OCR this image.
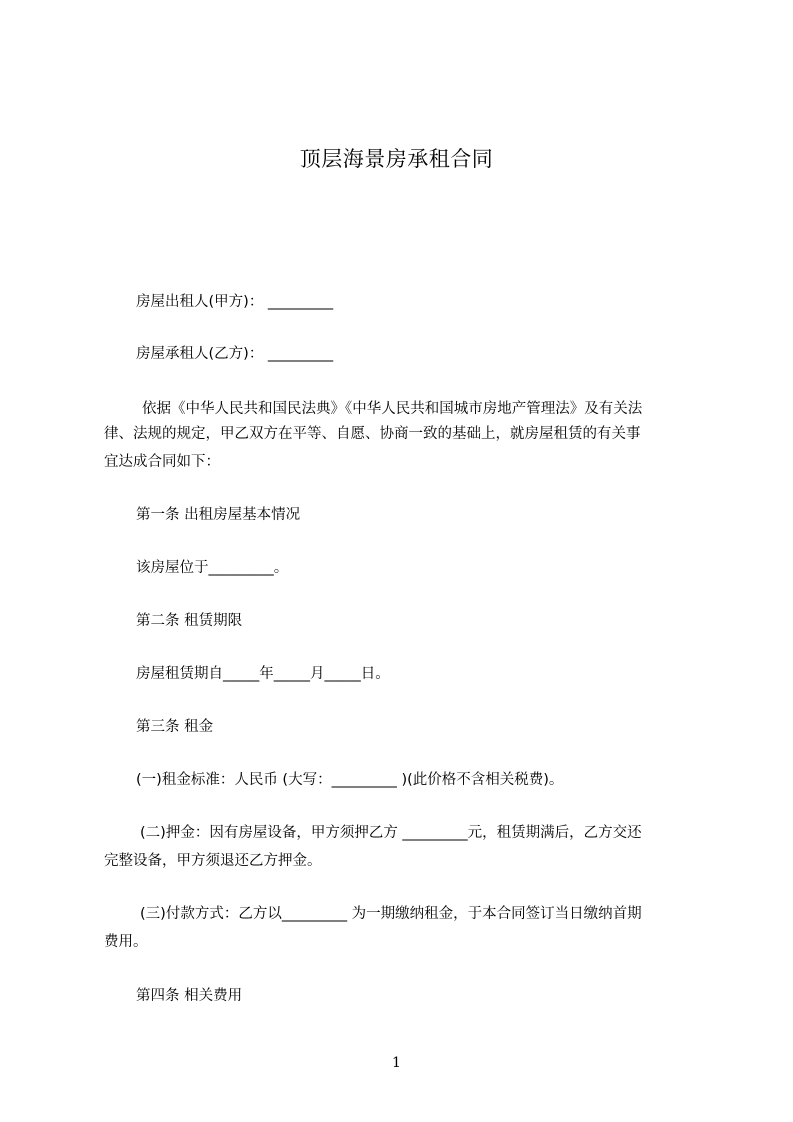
顶层海景房承租合同
房屋出租人(甲方)： _________
房屋承租人(乙方)： _________
依据《中华人民共和国民法典》《中华人民共和国城市房地产管理法》及有关法
律、法规的规定，甲乙双方在平等、自愿、协商一致的基础上，就房屋租赁的有关事
宜达成合同如下：
第一条 出租房屋基本情况
该房屋位于_________。
第二条 租赁期限
房屋租赁期自_____年_____月_____日。
第三条 租金
(一)租金标准：人民币 (大写：_________ )(此价格不含相关税费)。
(二)押金：因有房屋设备，甲方须押乙方 _________元，租赁期满后，乙方交还
完整设备，甲方须退还乙方押金。
(三)付款方式：乙方以_________ 为一期缴纳租金，于本合同签订当日缴纳首期
费用。
第四条 相关费用
1
